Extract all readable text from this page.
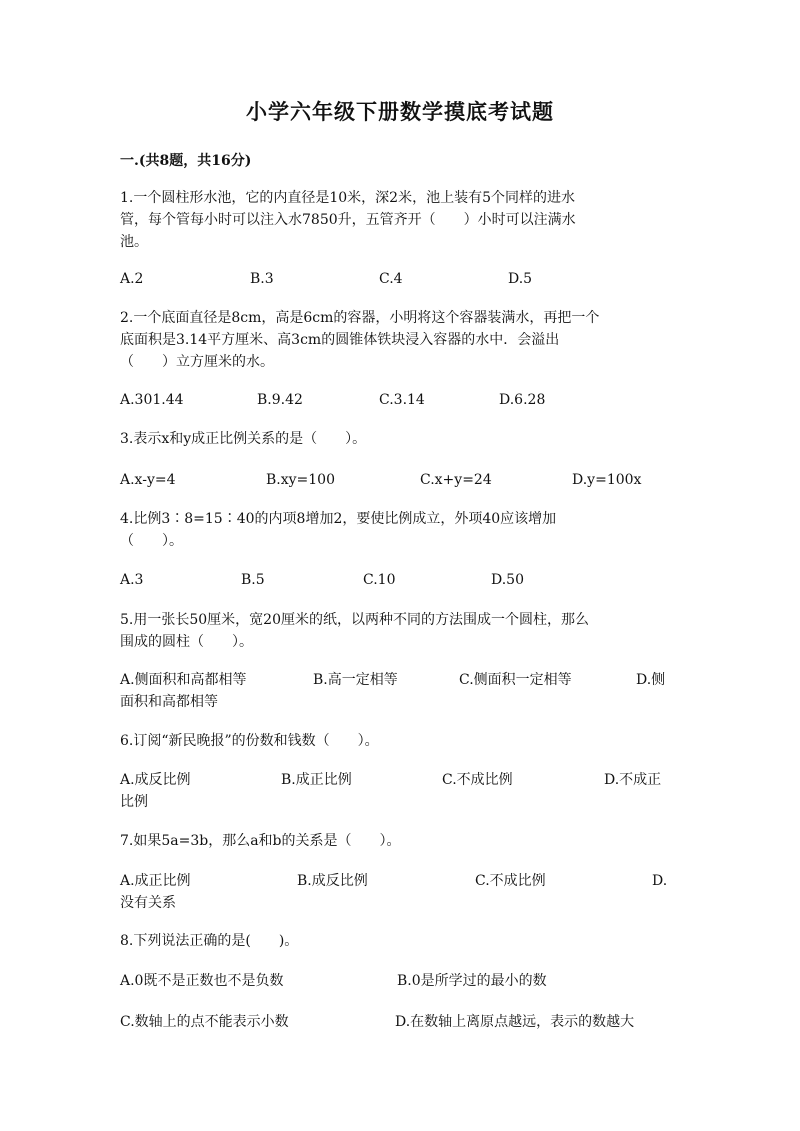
小学六年级下册数学摸底考试题
一.(共8题，共16分)
1.一个圆柱形水池，它的内直径是10米，深2米，池上装有5个同样的进水
管，每个管每小时可以注入水7850升，五管齐开（　　）小时可以注满水
池。
A.2	B.3	C.4	D.5
2.一个底面直径是8cm，高是6cm的容器，小明将这个容器装满水，再把一个
底面积是3.14平方厘米、高3cm的圆锥体铁块浸入容器的水中．会溢出
（　　）立方厘米的水。
A.301.44	B.9.42	C.3.14	D.6.28
3.表示x和y成正比例关系的是（　　）。
A.x-y=4	B.xy=100	C.x+y=24	D.y=100x
4.比例3∶8=15∶40的内项8增加2，要使比例成立，外项40应该增加
（　　）。
A.3	B.5	C.10	D.50
5.用一张长50厘米，宽20厘米的纸，以两种不同的方法围成一个圆柱，那么
围成的圆柱（　　）。
A.侧面积和高都相等	B.高一定相等	C.侧面积一定相等	D.侧
面积和高都相等
6.订阅“新民晚报”的份数和钱数（　　）。
A.成反比例	B.成正比例	C.不成比例	D.不成正
比例
7.如果5a=3b，那么a和b的关系是（　　）。
A.成正比例	B.成反比例	C.不成比例	D.
没有关系
8.下列说法正确的是(　　)。
A.0既不是正数也不是负数	B.0是所学过的最小的数
C.数轴上的点不能表示小数	D.在数轴上离原点越远，表示的数越大
